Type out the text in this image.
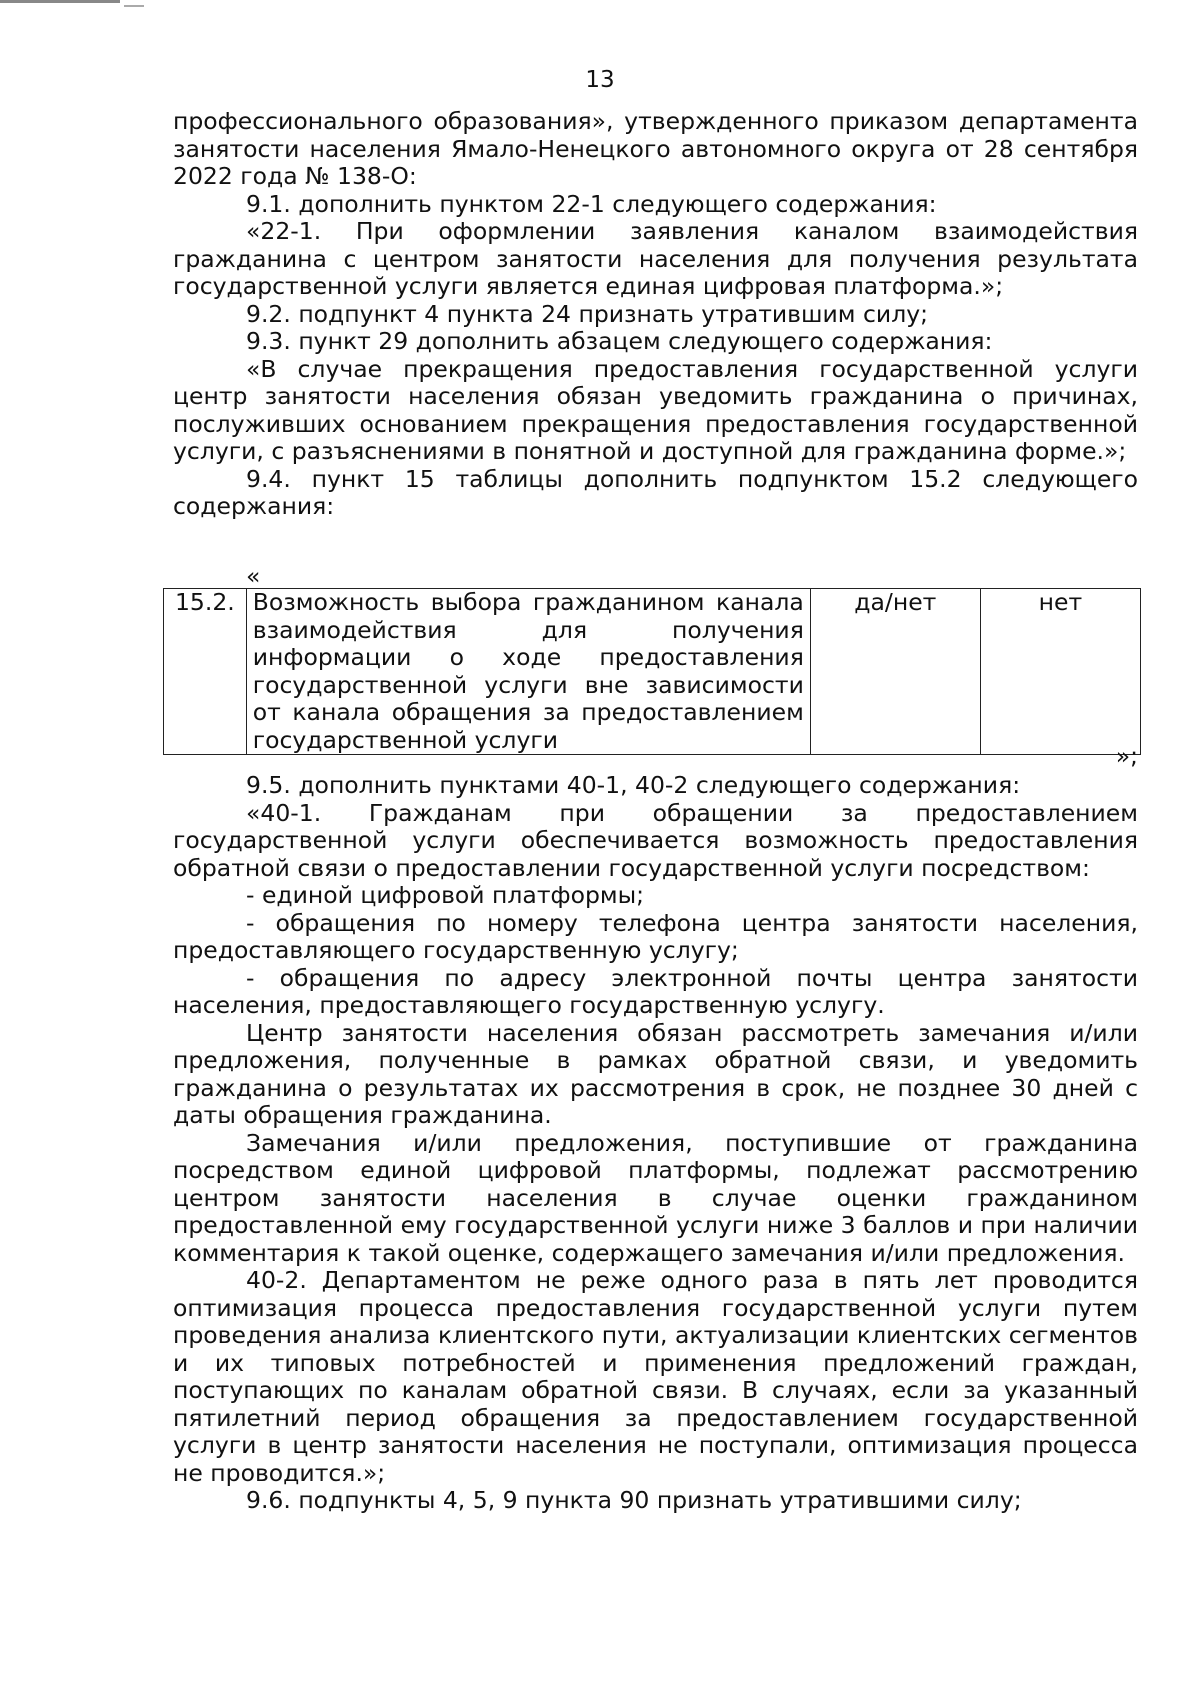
13

профессионального образования», утвержденного приказом департамента занятости населения Ямало-Ненецкого автономного округа от 28 сентября 2022 года № 138-О:

9.1. дополнить пунктом 22-1 следующего содержания:

«22-1. При оформлении заявления каналом взаимодействия гражданина с центром занятости населения для получения результата государственной услуги является единая цифровая платформа.»;

9.2. подпункт 4 пункта 24 признать утратившим силу;

9.3. пункт 29 дополнить абзацем следующего содержания:

«В случае прекращения предоставления государственной услуги центр занятости населения обязан уведомить гражданина о причинах, послуживших основанием прекращения предоставления государственной услуги, с разъяснениями в понятной и доступной для гражданина форме.»;

9.4. пункт 15 таблицы дополнить подпунктом 15.2 следующего содержания:

«
15.2.	Возможность выбора гражданином канала взаимодействия для получения информации о ходе предоставления государственной услуги вне зависимости от канала обращения за предоставлением государственной услуги	да/нет	нет
»;

9.5. дополнить пунктами 40-1, 40-2 следующего содержания:

«40-1. Гражданам при обращении за предоставлением государственной услуги обеспечивается возможность предоставления обратной связи о предоставлении государственной услуги посредством:

- единой цифровой платформы;

- обращения по номеру телефона центра занятости населения, предоставляющего государственную услугу;

- обращения по адресу электронной почты центра занятости населения, предоставляющего государственную услугу.

Центр занятости населения обязан рассмотреть замечания и/или предложения, полученные в рамках обратной связи, и уведомить гражданина о результатах их рассмотрения в срок, не позднее 30 дней с даты обращения гражданина.

Замечания и/или предложения, поступившие от гражданина посредством единой цифровой платформы, подлежат рассмотрению центром занятости населения в случае оценки гражданином предоставленной ему государственной услуги ниже 3 баллов и при наличии комментария к такой оценке, содержащего замечания и/или предложения.

40-2. Департаментом не реже одного раза в пять лет проводится оптимизация процесса предоставления государственной услуги путем проведения анализа клиентского пути, актуализации клиентских сегментов и их типовых потребностей и применения предложений граждан, поступающих по каналам обратной связи. В случаях, если за указанный пятилетний период обращения за предоставлением государственной услуги в центр занятости населения не поступали, оптимизация процесса не проводится.»;

9.6. подпункты 4, 5, 9 пункта 90 признать утратившими силу;
